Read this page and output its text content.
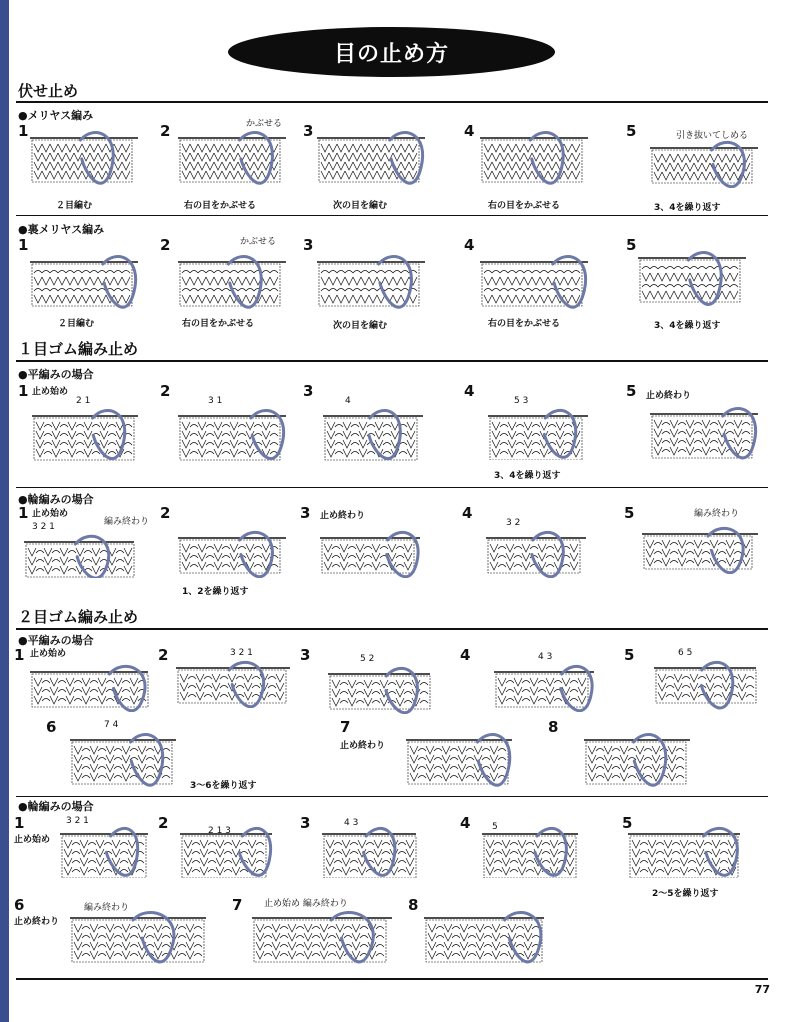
目の止め方
伏せ止め
●メリヤス編み
1
２目編む
2	かぶせる
右の目をかぶせる
3
次の目を編む
4
右の目をかぶせる
5	引き抜いてしめる
3、4を繰り返す
●裏メリヤス編み
1
２目編む
2	かぶせる
右の目をかぶせる
3
次の目を編む
4
右の目をかぶせる
5
3、4を繰り返す
１目ゴム編み止め
●平編みの場合
1 止め始め
2 1
2
3 1
3
4
4
5 3
3、4を繰り返す
5 止め終わり
●輪編みの場合
1 止め始め
編み終わり
3 2 1
2
1、2を繰り返す
3 止め終わり	4
3 2
5	編み終わり
２目ゴム編み止め
●平編みの場合
1 止め始め	2	3 2 1	3	5 2	4	4 3	5	6 5
6	7 4
3〜6を繰り返す
7
止め終わり
8
●輪編みの場合
1
止め始め
3 2 1	2	2 1 3	3	4 3	4 5	5
2〜5を繰り返す
6
止め終わり
編み終わり	7 止め始め 編み終わり	8
77
